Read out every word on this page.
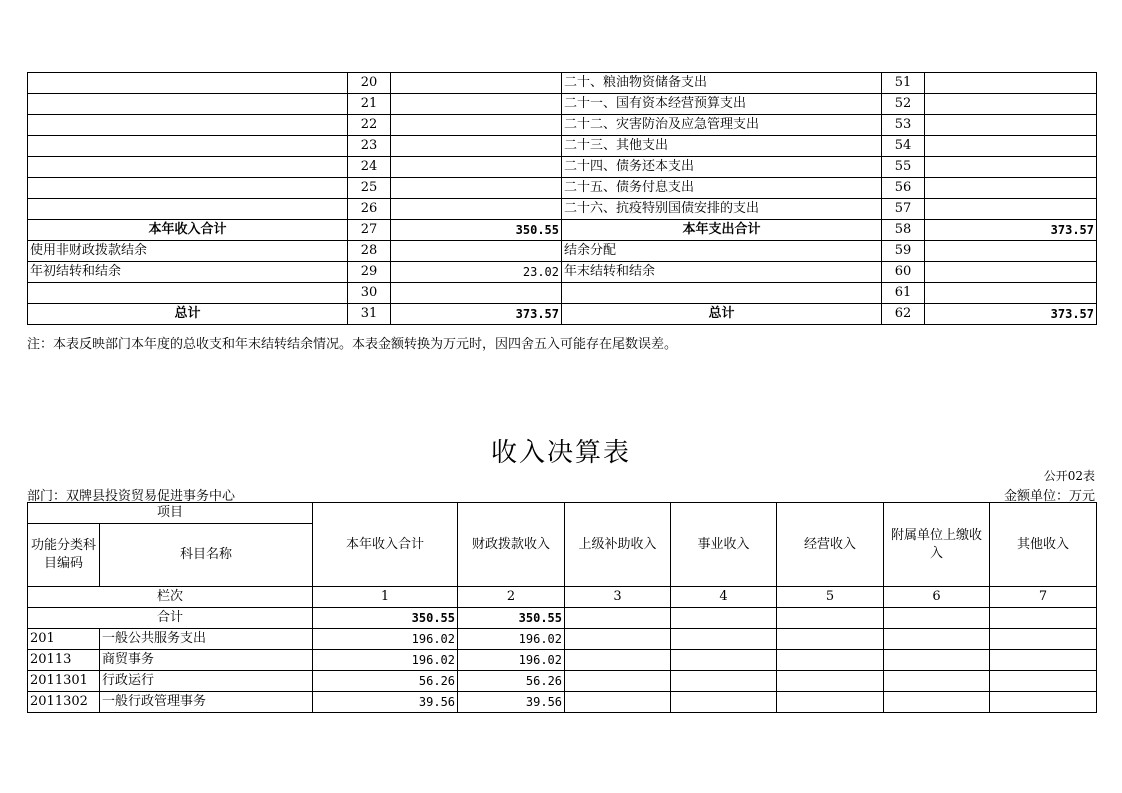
	20		二十、粮油物资储备支出	51	
	21		二十一、国有资本经营预算支出	52	
	22		二十二、灾害防治及应急管理支出	53	
	23		二十三、其他支出	54	
	24		二十四、债务还本支出	55	
	25		二十五、债务付息支出	56	
	26		二十六、抗疫特别国债安排的支出	57	
本年收入合计	27	350.55	本年支出合计	58	373.57
使用非财政拨款结余	28		结余分配	59	
年初结转和结余	29	23.02	年末结转和结余	60	
	30			61	
总计	31	373.57	总计	62	373.57
注：本表反映部门本年度的总收支和年末结转结余情况。本表金额转换为万元时，因四舍五入可能存在尾数误差。
收入决算表
公开02表
部门：双牌县投资贸易促进事务中心	金额单位：万元
项目		本年收入合计	财政拨款收入	上级补助收入	事业收入	经营收入	附属单位上缴收入	其他收入
功能分类科目编码	科目名称							
栏次		1	2	3	4	5	6	7
合计		350.55	350.55					
201	一般公共服务支出	196.02	196.02					
20113	商贸事务	196.02	196.02					
2011301	行政运行	56.26	56.26					
2011302	一般行政管理事务	39.56	39.56					
